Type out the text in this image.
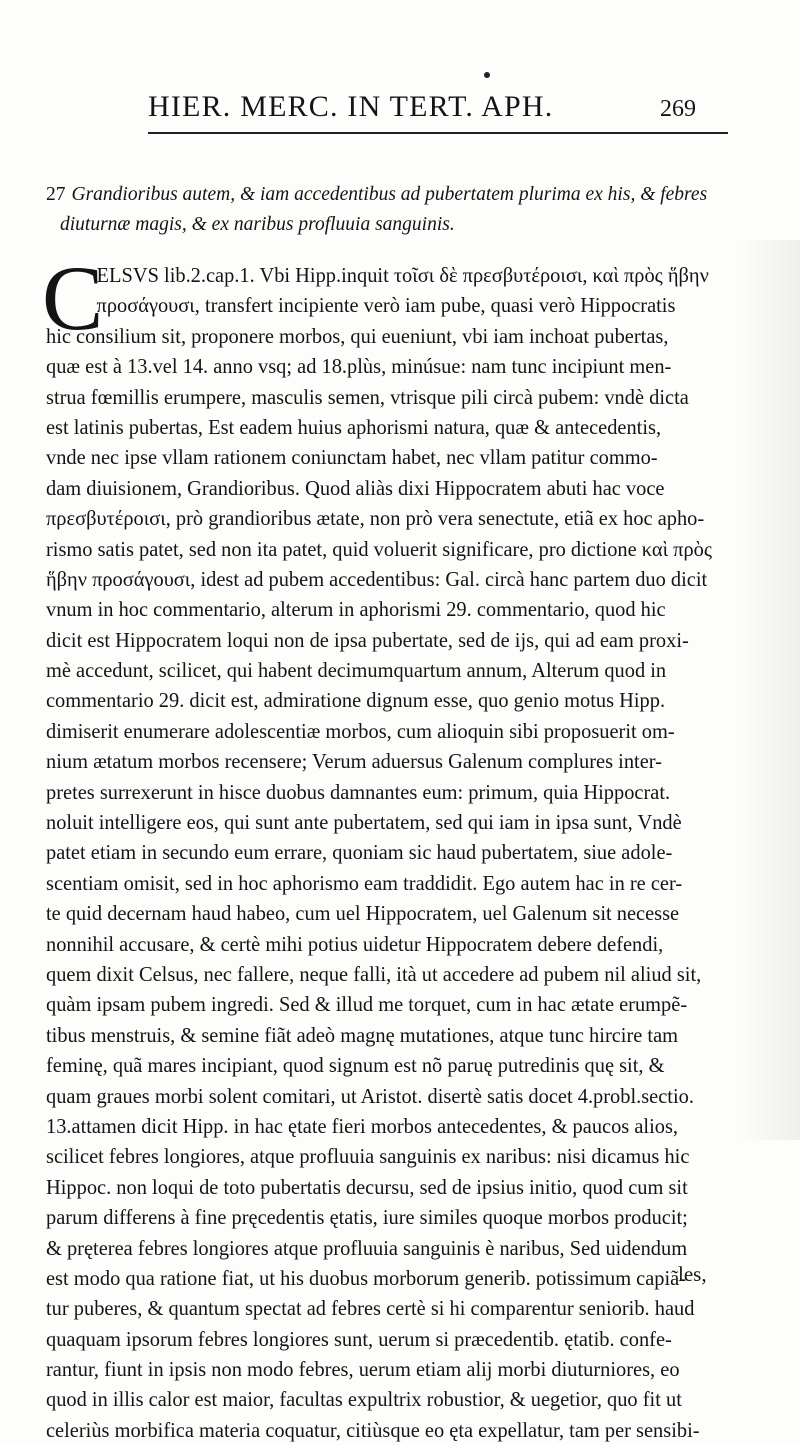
HIER. MERC. IN TERT. APH.	269
27 Grandioribus autem, & iam accedentibus ad pubertatem plurima ex his, & febres
diuturnæ magis, & ex naribus profluuia sanguinis.
C
ELSVS lib.2.cap.1. Vbi Hipp.inquit τοῖσι δὲ πρεσβυτέροισι, καὶ πρὸς ἥβην
προσάγουσι, transfert incipiente verò iam pube, quasi verò Hippocratis
hic consilium sit, proponere morbos, qui eueniunt, vbi iam inchoat pubertas,
quæ est à 13.vel 14. anno vsq; ad 18.plùs, minúsue: nam tunc incipiunt men-
strua fœmillis erumpere, masculis semen, vtrisque pili circà pubem: vndè dicta
est latinis pubertas, Est eadem huius aphorismi natura, quæ & antecedentis,
vnde nec ipse vllam rationem coniunctam habet, nec vllam patitur commo-
dam diuisionem, Grandioribus. Quod aliàs dixi Hippocratem abuti hac voce
πρεσβυτέροισι, prò grandioribus ætate, non prò vera senectute, etiã ex hoc apho-
rismo satis patet, sed non ita patet, quid voluerit significare, pro dictione καὶ πρὸς
ἥβην προσάγουσι, idest ad pubem accedentibus: Gal. circà hanc partem duo dicit
vnum in hoc commentario, alterum in aphorismi 29. commentario, quod hic
dicit est Hippocratem loqui non de ipsa pubertate, sed de ijs, qui ad eam proxi-
mè accedunt, scilicet, qui habent decimumquartum annum, Alterum quod in
commentario 29. dicit est, admiratione dignum esse, quo genio motus Hipp.
dimiserit enumerare adolescentiæ morbos, cum alioquin sibi proposuerit om-
nium ætatum morbos recensere; Verum aduersus Galenum complures inter-
pretes surrexerunt in hisce duobus damnantes eum: primum, quia Hippocrat.
noluit intelligere eos, qui sunt ante pubertatem, sed qui iam in ipsa sunt, Vndè
patet etiam in secundo eum errare, quoniam sic haud pubertatem, siue adole-
scentiam omisit, sed in hoc aphorismo eam traddidit. Ego autem hac in re cer-
te quid decernam haud habeo, cum uel Hippocratem, uel Galenum sit necesse
nonnihil accusare, & certè mihi potius uidetur Hippocratem debere defendi,
quem dixit Celsus, nec fallere, neque falli, ità ut accedere ad pubem nil aliud sit,
quàm ipsam pubem ingredi. Sed & illud me torquet, cum in hac ætate erumpẽ-
tibus menstruis, & semine fiãt adeò magnę mutationes, atque tunc hircire tam
feminę, quã mares incipiant, quod signum est nõ paruę putredinis quę sit, &
quam graues morbi solent comitari, ut Aristot. disertè satis docet 4.probl.sectio.
13.attamen dicit Hipp. in hac ętate fieri morbos antecedentes, & paucos alios,
scilicet febres longiores, atque profluuia sanguinis ex naribus: nisi dicamus hic
Hippoc. non loqui de toto pubertatis decursu, sed de ipsius initio, quod cum sit
parum differens à fine pręcedentis ętatis, iure similes quoque morbos producit;
& pręterea febres longiores atque profluuia sanguinis è naribus, Sed uidendum
est modo qua ratione fiat, ut his duobus morborum generib. potissimum capiã-
tur puberes, & quantum spectat ad febres certè si hi comparentur seniorib. haud
quaquam ipsorum febres longiores sunt, uerum si præcedentib. ętatib. confe-
rantur, fiunt in ipsis non modo febres, uerum etiam alij morbi diuturniores, eo
quod in illis calor est maior, facultas expultrix robustior, & uegetior, quo fit ut
celeriùs morbifica materia coquatur, citiùsque eo ęta expellatur, tam per sensibi-
les,
